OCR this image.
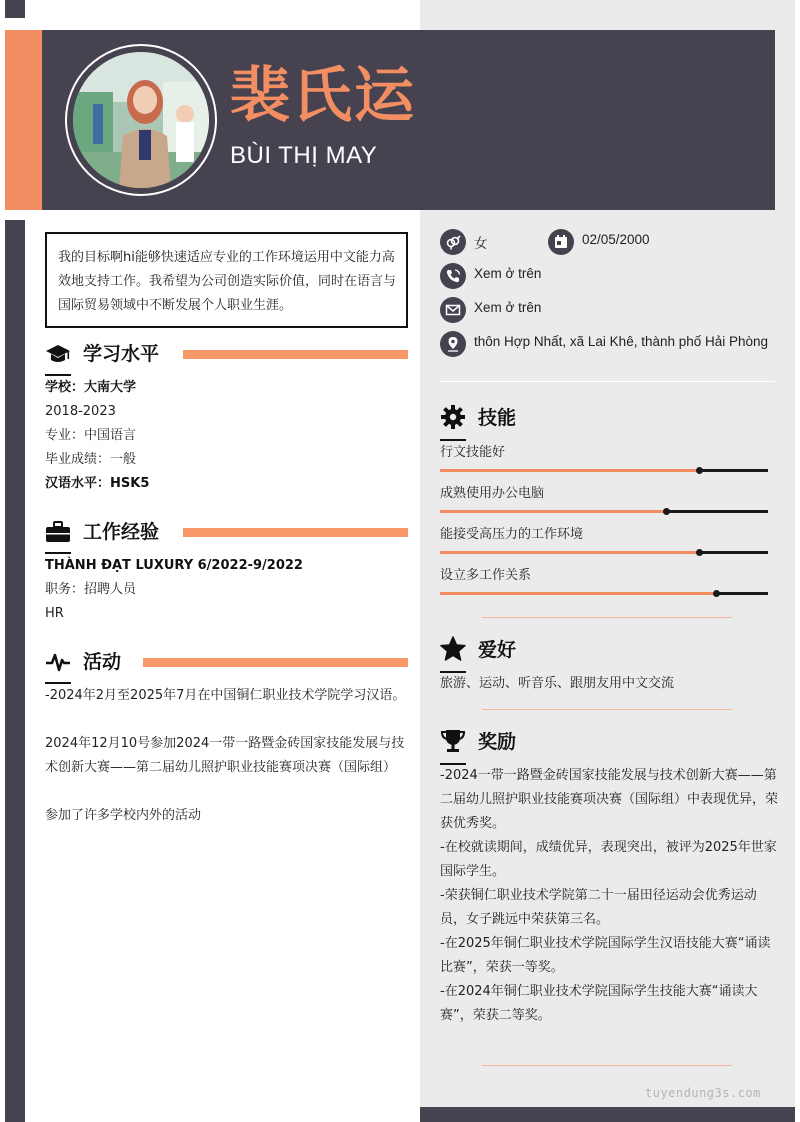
裴氏运
BÙI THỊ MAY
我的目标啊hi能够快速适应专业的工作环境运用中文能力高效地支持工作。我希望为公司创造实际价值，同时在语言与国际贸易领域中不断发展个人职业生涯。
学习水平
学校：大南大学
2018-2023
专业：中国语言
毕业成绩：一般
汉语水平：HSK5
工作经验
THÀNH ĐẠT LUXURY 6/2022-9/2022
职务：招聘人员
HR
活动
-2024年2月至2025年7月在中国铜仁职业技术学院学习汉语。
2024年12月10号参加2024一带一路暨金砖国家技能发展与技术创新大赛——第二届幼儿照护职业技能赛项决赛（国际组）
参加了许多学校内外的活动
女	02/05/2000
Xem ở trên
Xem ở trên
thôn Hợp Nhất, xã Lai Khê, thành phố Hải Phòng
技能
行文技能好
成熟使用办公电脑
能接受高压力的工作环境
设立多工作关系
爱好
旅游、运动、听音乐、跟朋友用中文交流
奖励
-2024一带一路暨金砖国家技能发展与技术创新大赛——第二届幼儿照护职业技能赛项决赛（国际组）中表现优异，荣获优秀奖。
-在校就读期间，成绩优异，表现突出，被评为2025年世家国际学生。
-荣获铜仁职业技术学院第二十一届田径运动会优秀运动员，女子跳远中荣获第三名。
-在2025年铜仁职业技术学院国际学生汉语技能大赛“诵读比赛”，荣获一等奖。
-在2024年铜仁职业技术学院国际学生技能大赛“诵读大赛”，荣获二等奖。
tuyendung3s.com
